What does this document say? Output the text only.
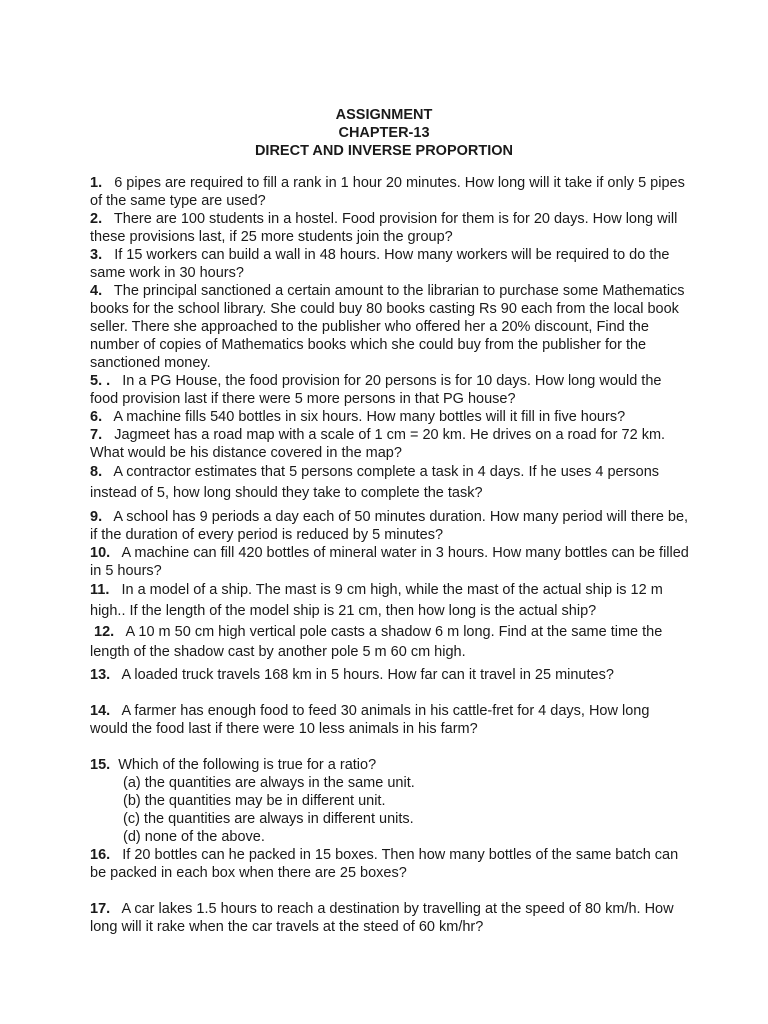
ASSIGNMENT
CHAPTER-13
DIRECT AND INVERSE PROPORTION

1. 6 pipes are required to fill a rank in 1 hour 20 minutes. How long will it take if only 5 pipes of the same type are used?

2. There are 100 students in a hostel. Food provision for them is for 20 days. How long will these provisions last, if 25 more students join the group?

3. If 15 workers can build a wall in 48 hours. How many workers will be required to do the same work in 30 hours?

4. The principal sanctioned a certain amount to the librarian to purchase some Mathematics books for the school library. She could buy 80 books casting Rs 90 each from the local book seller. There she approached to the publisher who offered her a 20% discount, Find the number of copies of Mathematics books which she could buy from the publisher for the sanctioned money.

5. . In a PG House, the food provision for 20 persons is for 10 days. How long would the food provision last if there were 5 more persons in that PG house?

6. A machine fills 540 bottles in six hours. How many bottles will it fill in five hours?

7. Jagmeet has a road map with a scale of 1 cm = 20 km. He drives on a road for 72 km. What would be his distance covered in the map?

8. A contractor estimates that 5 persons complete a task in 4 days. If he uses 4 persons instead of 5, how long should they take to complete the task?

9. A school has 9 periods a day each of 50 minutes duration. How many period will there be, if the duration of every period is reduced by 5 minutes?

10. A machine can fill 420 bottles of mineral water in 3 hours. How many bottles can be filled in 5 hours?

11. In a model of a ship. The mast is 9 cm high, while the mast of the actual ship is 12 m high.. If the length of the model ship is 21 cm, then how long is the actual ship?

12. A 10 m 50 cm high vertical pole casts a shadow 6 m long. Find at the same time the length of the shadow cast by another pole 5 m 60 cm high.

13. A loaded truck travels 168 km in 5 hours. How far can it travel in 25 minutes?

14. A farmer has enough food to feed 30 animals in his cattle-fret for 4 days, How long would the food last if there were 10 less animals in his farm?

15. Which of the following is true for a ratio?

(a) the quantities are always in the same unit.
(b) the quantities may be in different unit.
(c) the quantities are always in different units.
(d) none of the above.

16. If 20 bottles can he packed in 15 boxes. Then how many bottles of the same batch can be packed in each box when there are 25 boxes?

17. A car lakes 1.5 hours to reach a destination by travelling at the speed of 80 km/h. How long will it rake when the car travels at the steed of 60 km/hr?
